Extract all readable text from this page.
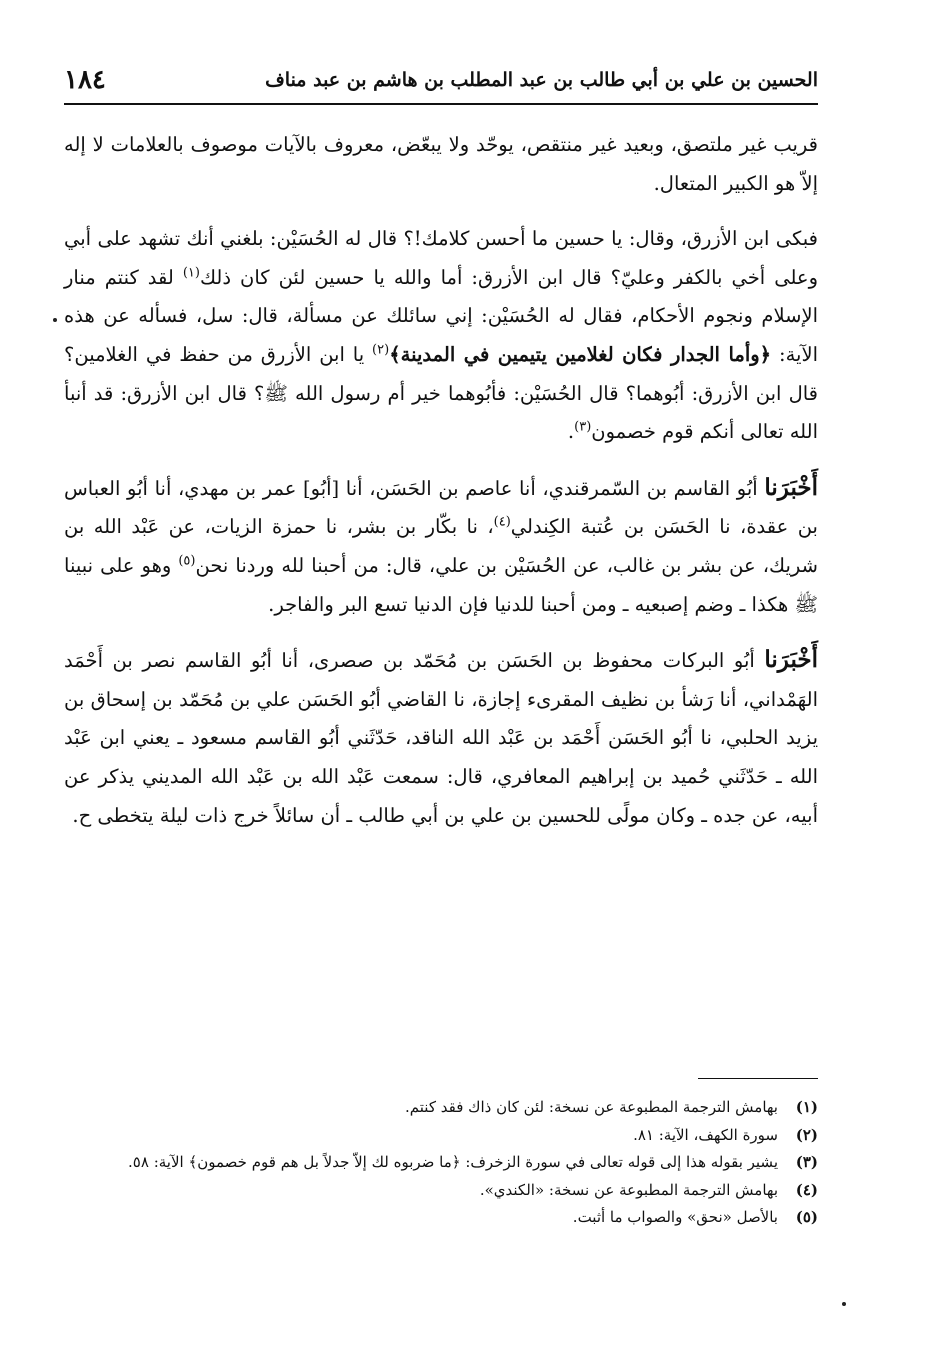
الحسين بن علي بن أبي طالب بن عبد المطلب بن هاشم بن عبد مناف
١٨٤

قريب غير ملتصق، وبعيد غير منتقص، يوحّد ولا يبعّض، معروف بالآيات موصوف بالعلامات لا إله إلاّ هو الكبير المتعال.

فبكى ابن الأزرق، وقال: يا حسين ما أحسن كلامك!؟ قال له الحُسَيْن: بلغني أنك تشهد على أبي وعلى أخي بالكفر وعليّ؟ قال ابن الأزرق: أما والله يا حسين لئن كان ذلك$^{(١)}$ لقد كنتم منار الإسلام ونجوم الأحكام، فقال له الحُسَيْن: إني سائلك عن مسألة، قال: سل، فسأله عن هذه الآية: ﴿وأما الجدار فكان لغلامين يتيمين في المدينة﴾$^{(٢)}$ يا ابن الأزرق من حفظ في الغلامين؟ قال ابن الأزرق: أبُوهما؟ قال الحُسَيْن: فأبُوهما خير أم رسول الله ﷺ؟ قال ابن الأزرق: قد أنبأ الله تعالى أنكم قوم خصمون$^{(٣)}$.

أَخْبَرَنا أبُو القاسم بن السّمرقندي، أنا عاصم بن الحَسَن، أنا [أبُو] عمر بن مهدي، أنا أبُو العباس بن عقدة، نا الحَسَن بن عُتبة الكِندلي$^{(٤)}$، نا بكّار بن بشر، نا حمزة الزيات، عن عَبْد الله بن شريك، عن بشر بن غالب، عن الحُسَيْن بن علي، قال: من أحبنا لله وردنا نحن$^{(٥)}$ وهو على نبينا ﷺ هكذا ـ وضم إصبعيه ـ ومن أحبنا للدنيا فإن الدنيا تسع البر والفاجر.

أَخْبَرَنا أبُو البركات محفوظ بن الحَسَن بن مُحَمّد بن صصرى، أنا أبُو القاسم نصر بن أَحْمَد الهَمْداني، أنا رَشأ بن نظيف المقرىء إجازة، نا القاضي أبُو الحَسَن علي بن مُحَمّد بن إسحاق بن يزيد الحلبي، نا أبُو الحَسَن أَحْمَد بن عَبْد الله الناقد، حَدّثَني أبُو القاسم مسعود ـ يعني ابن عَبْد الله ـ حَدّثَني حُميد بن إبراهيم المعافري، قال: سمعت عَبْد الله بن عَبْد الله المديني يذكر عن أبيه، عن جده ـ وكان مولًى للحسين بن علي بن أبي طالب ـ أن سائلاً خرج ذات ليلة يتخطى ح.

(١)
بهامش الترجمة المطبوعة عن نسخة: لئن كان ذاك فقد كنتم.
(٢)
سورة الكهف، الآية: ٨١.
(٣)
يشير بقوله هذا إلى قوله تعالى في سورة الزخرف: ﴿ما ضربوه لك إلاّ جدلاً بل هم قوم خصمون﴾ الآية: ٥٨.
(٤)
بهامش الترجمة المطبوعة عن نسخة: «الكندي».
(٥)
بالأصل «نحق» والصواب ما أثبت.
